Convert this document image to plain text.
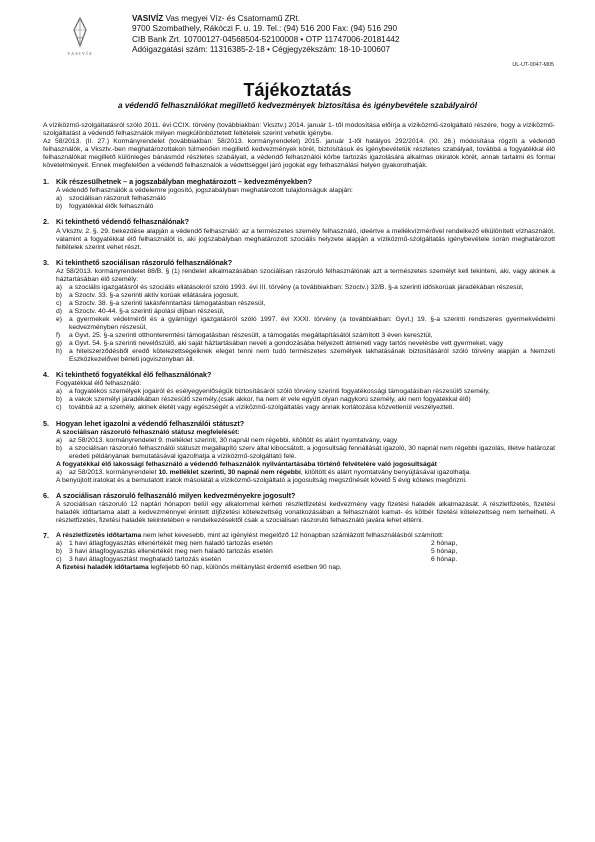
VASIVÍZ
VASIVÍZ Vas megyei Víz- és Csatornamű ZRt.
9700 Szombathely, Rákóczi F. u. 19. Tel.: (94) 516 200 Fax: (94) 516 290
CIB Bank Zrt. 10700127-04568504-52100008 • OTP 11747006-20181442
Adóigazgatási szám: 11316385-2-18 • Cégjegyzékszám: 18-10-100607
UL-UT-0047-M05
Tájékoztatás
a védendő felhasználókat megillető kedvezmények biztosítása és igénybevétele szabályairól
A víziközmű-szolgáltatásról szóló 2011. évi CCIX. törvény (továbbiakban: Vksztv.) 2014. január 1- től módosítása előírja a víziközmű-szolgáltató részére, hogy a víziközmű-szolgáltatást a védendő felhasználók milyen megkülönböztetett feltételek szerint vehetik igénybe.
Az 58/2013. (II. 27.) Kormányrendelet (továbbiakban: 58/2013. kormányrendelet) 2015. január 1-től hatályos 292/2014. (XI. 26.) módosítása rögzíti a védendő felhasználók, a Vksztv.-ben meghatározottakon túlmenően megillető kedvezmények körét, biztosításuk és igénybevételük részletes szabályait, továbbá a fogyatékkal élő felhasználókat megillető különleges bánásmód részletes szabályait, a védendő felhasználói körbe tartozás igazolására alkalmas okiratok körét, annak tartalmi és formai követelményeit. Ennek megfelelően a védendő felhasználók a védettséggel járó jogokat egy felhasználási helyen gyakorolhatják.
1. Kik részesülhetnek – a jogszabályban meghatározott – kedvezményekben?
A védendő felhasználók a védelemre jogosító, jogszabályban meghatározott tulajdonságuk alapján:
a)	szociálisan rászorult felhasználó
b)	fogyatékkal élők felhasználó
2. Ki tekinthető védendő felhasználónak?
A Vksztv. 2. §. 29. bekezdése alapján a védendő felhasználó: az a természetes személy felhasználó, ideértve a mellékvízmérővel rendelkező elkülönített vízhasználót, valamint a fogyatékkal élő felhasználót is, aki jogszabályban meghatározott szociális helyzete alapján a víziközmű-szolgáltatás igénybevétele során meghatározott feltételek szerint vehet részt.
3. Ki tekinthető szociálisan rászoruló felhasználónak?
Az 58/2013. kormányrendelet 88/B. § (1) rendelet alkalmazásában szociálisan rászoruló felhasználónak azt a természetes személyt kell tekinteni, aki, vagy akinek a háztartásában élő személy:
a)	a szociális igazgatásról és szociális ellátásokról szóló 1993. évi III. törvény (a továbbiakban: Szoctv.) 32/B. §-a szerinti időskorúak járadékában részesül,
b)	a Szoctv. 33. §-a szerinti aktív korúak ellátására jogosult,
c)	a Szoctv. 38. §-a szerinti lakásfenntartási támogatásban részesül,
d)	a Szoctv. 40-44. §-a szerinti ápolási díjban részesül,
e)	a gyermekek védelméről és a gyámügyi igazgatásról szóló 1997. évi XXXI. törvény (a továbbiakban: Gyvt.) 19. §-a szerinti rendszeres gyermekvédelmi kedvezményben részesül,
f)	a Gyvt. 25. §-a szerinti otthonteremtési támogatásban részesült, a támogatás megállapításától számított 3 éven keresztül,
g)	a Gyvt. 54. §-a szerinti nevelőszülő, aki saját háztartásában neveli a gondozásába helyezett átmeneti vagy tartós nevelésbe vett gyermeket, vagy
h)	a hitelszerződésből eredő kötelezettségeiknek eleget tenni nem tudó természetes személyek lakhatásának biztosításáról szóló törvény alapján a Nemzeti Eszközkezelővel bérleti jogviszonyban áll.
4. Ki tekinthető fogyatékkal élő felhasználónak?
Fogyatékkal élő felhasználó:
a)	a fogyatékos személyek jogairól és esélyegyenlőségük biztosításáról szóló törvény szerinti fogyatékossági támogatásban részesülő személy,
b)	a vakok személyi járadékában részesülő személy,(csak akkor, ha nem él vele együtt olyan nagykorú személy, aki nem fogyatékkal élő)
c)	továbbá az a személy, akinek életét vagy egészségét a víziközmű-szolgáltatás vagy annak korlátozása közvetlenül veszélyezteti.
5. Hogyan lehet igazolni a védendő felhasználói státuszt?
A szociálisan rászoruló felhasználó státusz megfelelését:
a)	az 58/2013. kormányrendelet 9. melléklet szerinti, 30 napnál nem régebbi, kitöltött és aláírt nyomtatvány, vagy
b)	a szociálisan rászoruló felhasználói státuszt megállapító szerv által kibocsátott, a jogosultság fennállását igazoló, 30 napnál nem régebbi igazolás, illetve határozat eredeti példányának bemutatásával igazolhatja a víziközmű-szolgáltató felé.
A fogyatékkal élő lakossági felhasználó a védendő felhasználók nyilvántartásába történő felvételére való jogosultságát
a)	az 58/2013. kormányrendelet 10. melléklet szerinti, 30 napnál nem régebbi, kitöltött és aláírt nyomtatvány benyújtásával igazolhatja.
A benyújtott iratokat és a bemutatott iratok másolatát a víziközmű-szolgáltató a jogosultság megszűnését követő 5 évig köteles megőrizni.
6. A szociálisan rászoruló felhasználó milyen kedvezményekre jogosult?
A szociálisan rászoruló 12 naptári hónapon belül egy alkalommal kérheti részletfizetési kedvezmény vagy fizetési haladék alkalmazását. A részletfizetés, fizetési haladék időtartama alatt a kedvezménnyel érintett díjfizetési kötelezettség vonatkozásában a felhasználót kamat- és kötbér fizetési kötelezettség nem terhelheti. A részletfizetés, fizetési haladék tekintetében e rendelkezésektől csak a szociálisan rászoruló felhasználó javára lehet eltérni.
7.	A részletfizetés időtartama nem lehet kevesebb, mint az igénylést megelőző 12 hónapban számlázott felhasználásból számított:
a)	1 havi átlagfogyasztás ellenértékét meg nem haladó tartozás esetén	2 hónap,
b)	3 havi átlagfogyasztás ellenértékét meg nem haladó tartozás esetén	5 hónap,
c)	3 havi átlagfogyasztást meghaladó tartozás esetén	6 hónap.
A fizetési haladék időtartama legfeljebb 60 nap, különös méltánylást érdemlő esetben 90 nap.
